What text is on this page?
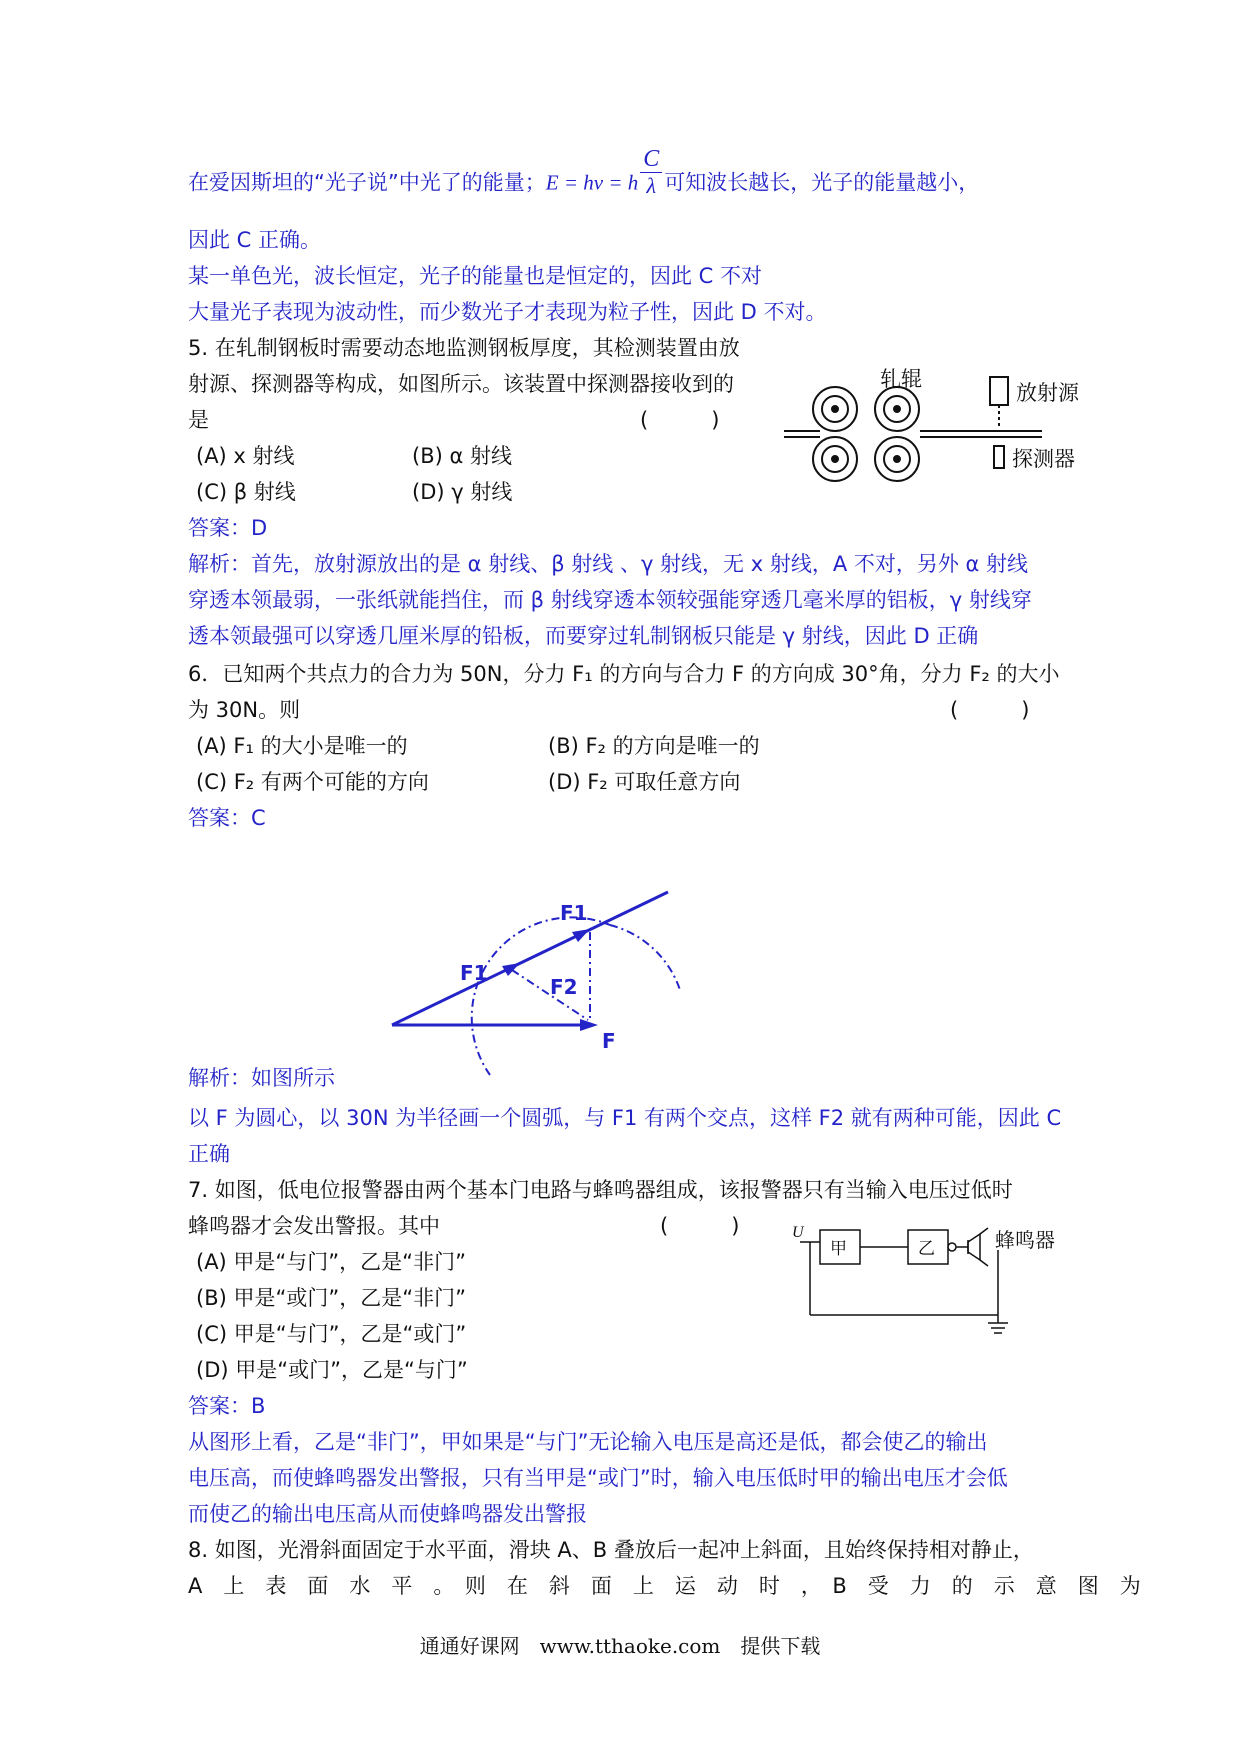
在爱因斯坦的“光子说”中光了的能量；E = hν = h $\frac{C}{\lambda}$ 可知波长越长，光子的能量越小，
因此 C 正确。
某一单色光，波长恒定，光子的能量也是恒定的，因此 C 不对
大量光子表现为波动性，而少数光子才表现为粒子性，因此 D 不对。
5. 在轧制钢板时需要动态地监测钢板厚度，其检测装置由放
射源、探测器等构成，如图所示。该装置中探测器接收到的
是	(　　　)
(A) x 射线	(B) α 射线
(C) β 射线	(D) γ 射线
答案：D
解析：首先，放射源放出的是 α 射线、β 射线 、γ 射线，无 x 射线，A 不对，另外 α 射线
穿透本领最弱，一张纸就能挡住，而 β 射线穿透本领较强能穿透几毫米厚的铝板，γ 射线穿
透本领最强可以穿透几厘米厚的铅板，而要穿过轧制钢板只能是 γ 射线，因此 D 正确
轧辊
放射源
探测器
6．已知两个共点力的合力为 50N，分力 F₁ 的方向与合力 F 的方向成 30°角，分力 F₂ 的大小
为 30N。则	(　　　)
(A) F₁ 的大小是唯一的	(B) F₂ 的方向是唯一的
(C) F₂ 有两个可能的方向	(D) F₂ 可取任意方向
答案：C
F1
F1
F2
F
解析：如图所示
以 F 为圆心，以 30N 为半径画一个圆弧，与 F1 有两个交点，这样 F2 就有两种可能，因此 C
正确
7. 如图，低电位报警器由两个基本门电路与蜂鸣器组成，该报警器只有当输入电压过低时
蜂鸣器才会发出警报。其中	(　　　)
(A) 甲是“与门”，乙是“非门”
(B) 甲是“或门”，乙是“非门”
(C) 甲是“与门”，乙是“或门”
(D) 甲是“或门”，乙是“与门”
答案：B
从图形上看，乙是“非门”，甲如果是“与门”无论输入电压是高还是低，都会使乙的输出
电压高，而使蜂鸣器发出警报，只有当甲是“或门”时，输入电压低时甲的输出电压才会低
而使乙的输出电压高从而使蜂鸣器发出警报
U
甲	乙	蜂鸣器
8. 如图，光滑斜面固定于水平面，滑块 A、B 叠放后一起冲上斜面，且始终保持相对静止，
A　上　表　面　水　平　。　则　在　斜　面　上　运　动　时　，　B　受　力　的　示　意　图　为
通通好课网　www.tthaoke.com　提供下载
